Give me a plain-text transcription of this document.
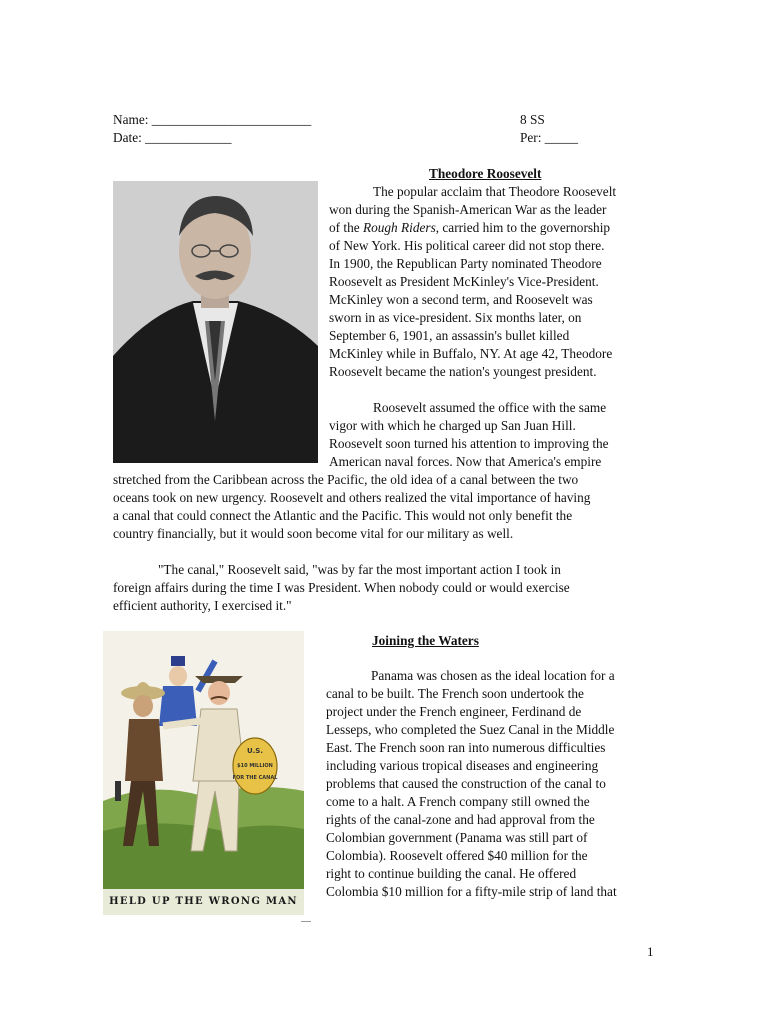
Name: ________________________
Date: _____________
8 SS
Per: _____
Theodore Roosevelt
The popular acclaim that Theodore Roosevelt
won during the Spanish-American War as the leader
of the Rough Riders, carried him to the governorship
of New York. His political career did not stop there.
In 1900, the Republican Party nominated Theodore
Roosevelt as President McKinley's Vice-President.
McKinley won a second term, and Roosevelt was
sworn in as vice-president. Six months later, on
September 6, 1901, an assassin's bullet killed
McKinley while in Buffalo, NY. At age 42, Theodore
Roosevelt became the nation's youngest president.
Roosevelt assumed the office with the same
vigor with which he charged up San Juan Hill.
Roosevelt soon turned his attention to improving the
American naval forces. Now that America's empire
stretched from the Caribbean across the Pacific, the old idea of a canal between the two
oceans took on new urgency. Roosevelt and others realized the vital importance of having
a canal that could connect the Atlantic and the Pacific. This would not only benefit the
country financially, but it would soon become vital for our military as well.
"The canal," Roosevelt said, "was by far the most important action I took in
foreign affairs during the time I was President. When nobody could or would exercise
efficient authority, I exercised it."
Joining the Waters
U.S.
$10 MILLION
FOR THE CANAL
HELD UP THE WRONG MAN
Panama was chosen as the ideal location for a
canal to be built. The French soon undertook the
project under the French engineer, Ferdinand de
Lesseps, who completed the Suez Canal in the Middle
East. The French soon ran into numerous difficulties
including various tropical diseases and engineering
problems that caused the construction of the canal to
come to a halt. A French company still owned the
rights of the canal-zone and had approval from the
Colombian government (Panama was still part of
Colombia). Roosevelt offered $40 million for the
right to continue building the canal. He offered
Colombia $10 million for a fifty-mile strip of land that
1
